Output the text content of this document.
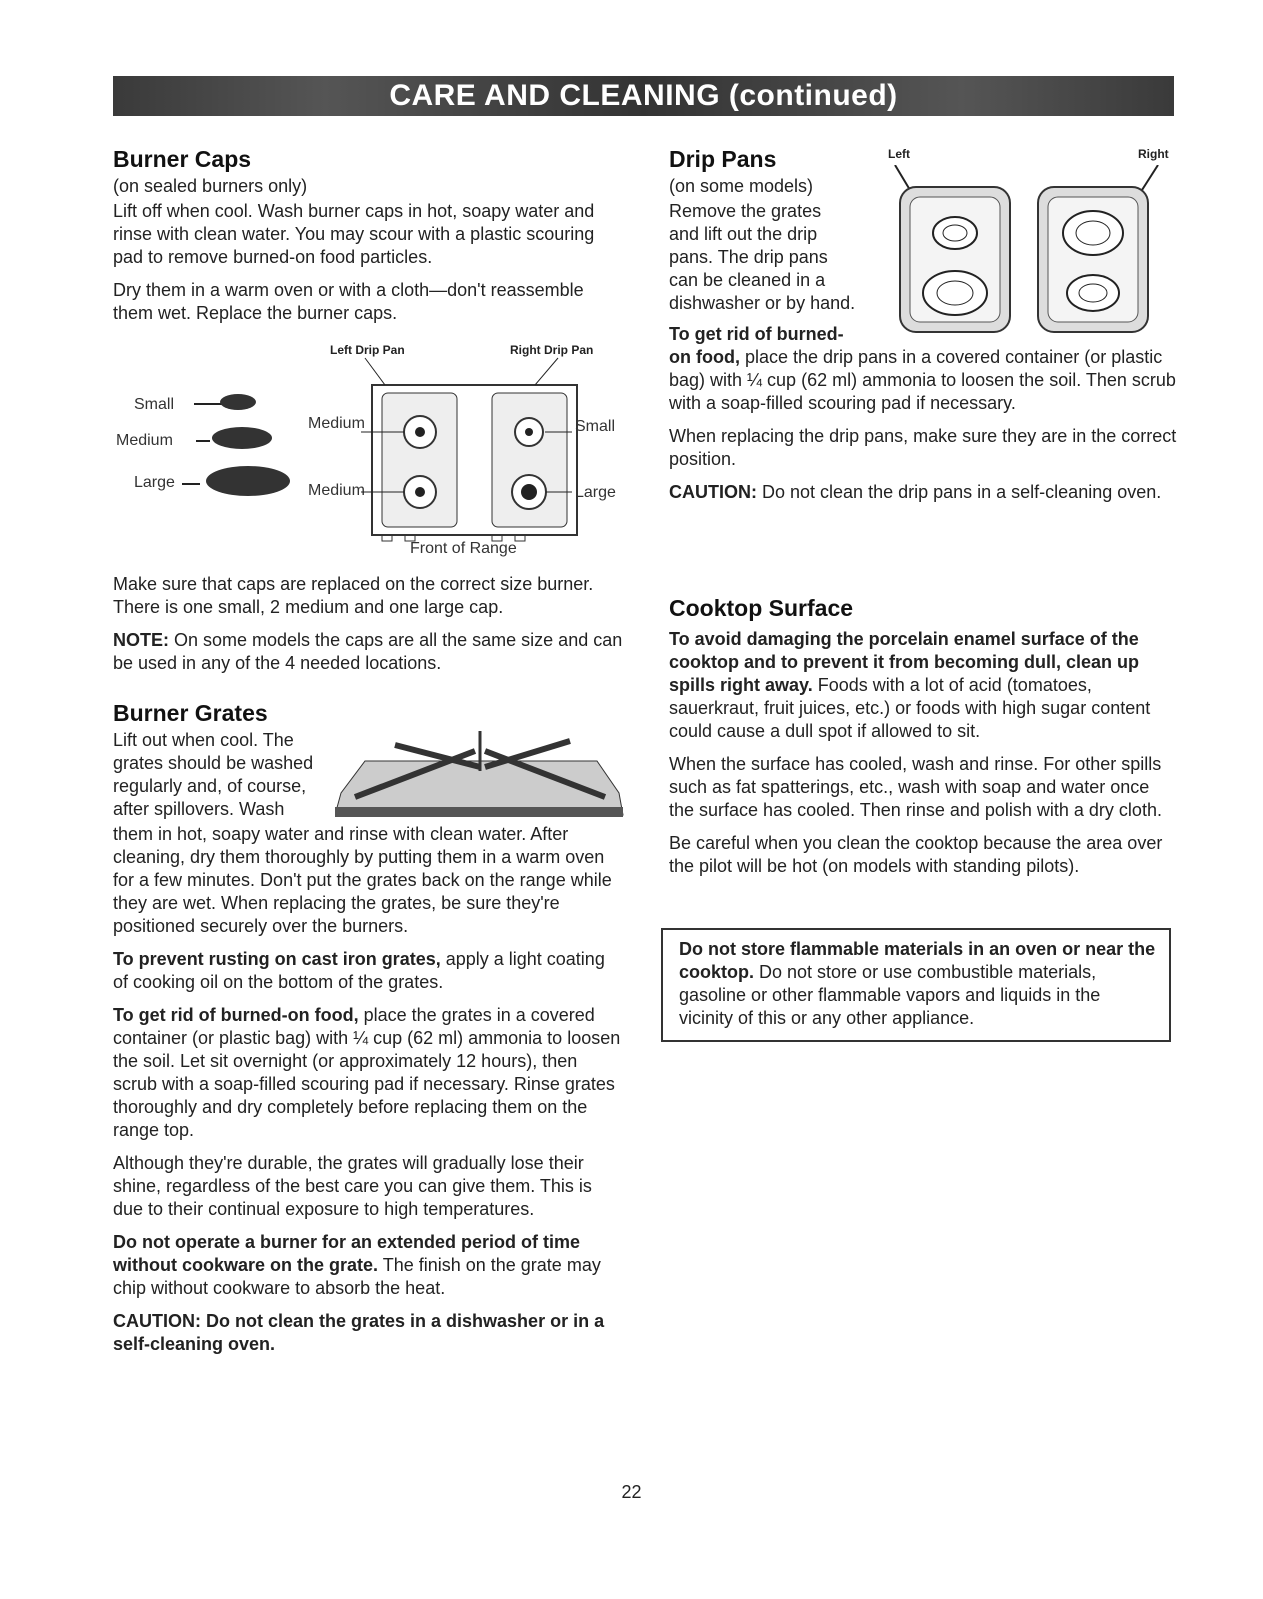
CARE AND CLEANING (continued)
Burner Caps

(on sealed burners only)

Lift off when cool. Wash burner caps in hot, soapy water and rinse with clean water. You may scour with a plastic scouring pad to remove burned-on food particles.

Dry them in a warm oven or with a cloth—don't reassemble them wet. Replace the burner caps.

Left Drip Pan	Right Drip Pan
Small
Medium
Large
Medium
Medium
Small
Large
Front of Range

Make sure that caps are replaced on the correct size burner. There is one small, 2 medium and one large cap.

NOTE: On some models the caps are all the same size and can be used in any of the 4 needed locations.

Burner Grates
Lift out when cool. The
grates should be washed
regularly and, of course,
after spillovers. Wash

them in hot, soapy water and rinse with clean water. After cleaning, dry them thoroughly by putting them in a warm oven for a few minutes. Don't put the grates back on the range while they are wet. When replacing the grates, be sure they're positioned securely over the burners.

To prevent rusting on cast iron grates, apply a light coating of cooking oil on the bottom of the grates.

To get rid of burned-on food, place the grates in a covered container (or plastic bag) with ¼ cup (62 ml) ammonia to loosen the soil. Let sit overnight (or approximately 12 hours), then scrub with a soap-filled scouring pad if necessary. Rinse grates thoroughly and dry completely before replacing them on the range top.

Although they're durable, the grates will gradually lose their shine, regardless of the best care you can give them. This is due to their continual exposure to high temperatures.

Do not operate a burner for an extended period of time without cookware on the grate. The finish on the grate may chip without cookware to absorb the heat.

CAUTION: Do not clean the grates in a dishwasher or in a self-cleaning oven.

Drip Pans

(on some models)

Remove the grates
and lift out the drip
pans. The drip pans
can be cleaned in a
dishwasher or by hand.
To get rid of burned-

on food, place the drip pans in a covered container (or plastic bag) with ¼ cup (62 ml) ammonia to loosen the soil. Then scrub with a soap-filled scouring pad if necessary.

When replacing the drip pans, make sure they are in the correct position.

CAUTION: Do not clean the drip pans in a self-cleaning oven.

Left	Right
Cooktop Surface

To avoid damaging the porcelain enamel surface of the cooktop and to prevent it from becoming dull, clean up spills right away. Foods with a lot of acid (tomatoes, sauerkraut, fruit juices, etc.) or foods with high sugar content could cause a dull spot if allowed to sit.

When the surface has cooled, wash and rinse. For other spills such as fat spatterings, etc., wash with soap and water once the surface has cooled. Then rinse and polish with a dry cloth.

Be careful when you clean the cooktop because the area over the pilot will be hot (on models with standing pilots).

Do not store flammable materials in an oven or near the cooktop. Do not store or use combustible materials, gasoline or other flammable vapors and liquids in the vicinity of this or any other appliance.

22
